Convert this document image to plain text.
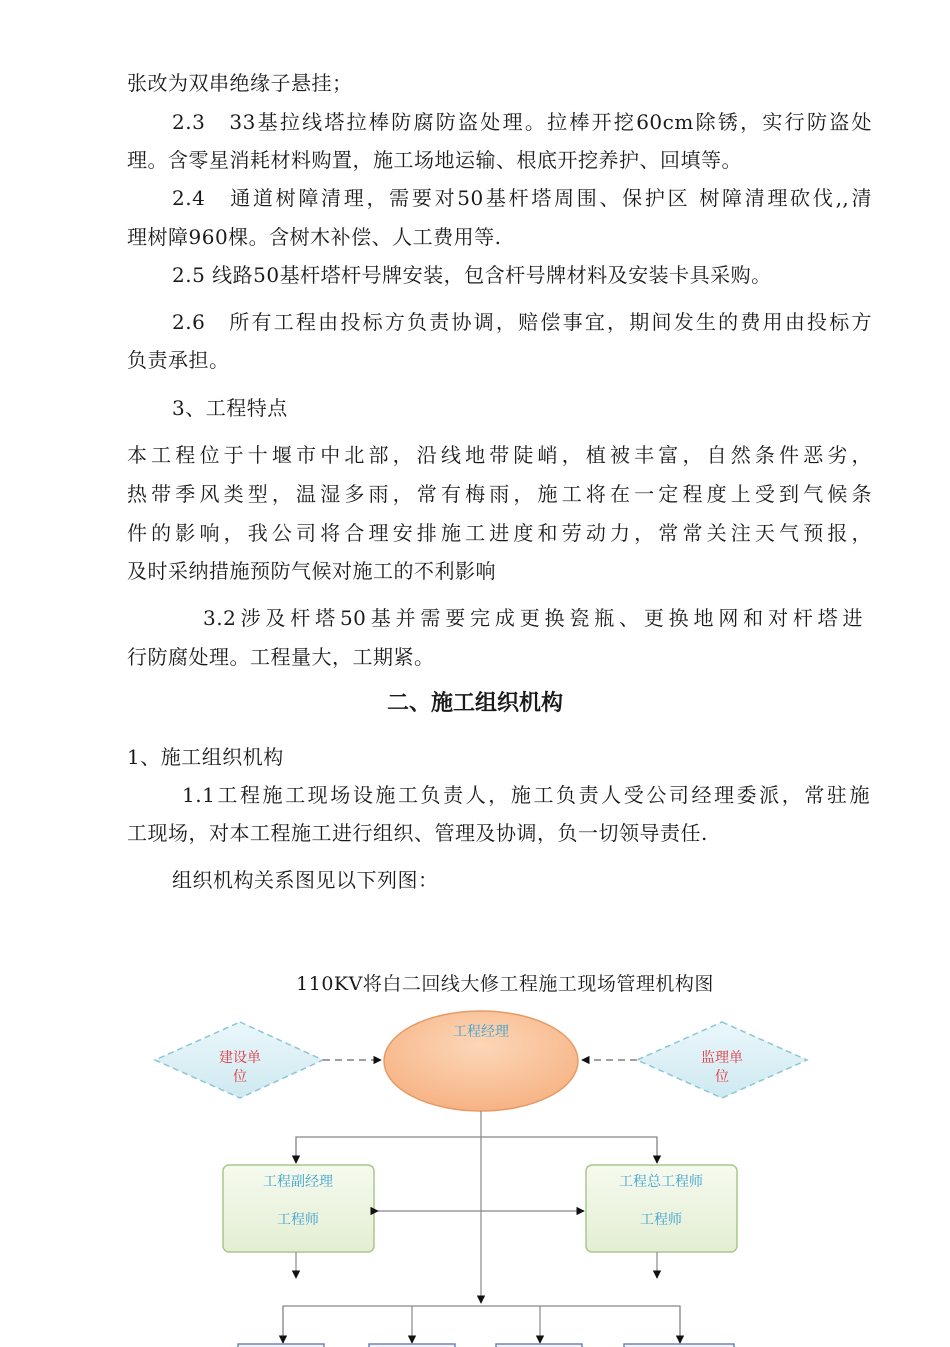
张改为双串绝缘子悬挂；
2.3　33基拉线塔拉棒防腐防盗处理。拉棒开挖60cm除锈，实行防盗处
理。含零星消耗材料购置，施工场地运输、根底开挖养护、回填等。
2.4　通道树障清理，需要对50基杆塔周围、保护区 树障清理砍伐,,清
理树障960棵。含树木补偿、人工费用等.
2.5 线路50基杆塔杆号牌安装，包含杆号牌材料及安装卡具采购。
2.6　所有工程由投标方负责协调，赔偿事宜，期间发生的费用由投标方
负责承担。
3、工程特点
本工程位于十堰市中北部，沿线地带陡峭，植被丰富，自然条件恶劣，
热带季风类型，温湿多雨，常有梅雨，施工将在一定程度上受到气候条
件的影响，我公司将合理安排施工进度和劳动力，常常关注天气预报，
及时采纳措施预防气候对施工的不利影响
3.2涉及杆塔50基并需要完成更换瓷瓶、更换地网和对杆塔进
行防腐处理。工程量大，工期紧。
二、施工组织机构
1、施工组织机构
1.1工程施工现场设施工负责人，施工负责人受公司经理委派，常驻施
工现场，对本工程施工进行组织、管理及协调，负一切领导责任.
组织机构关系图见以下列图：
110KV将白二回线大修工程施工现场管理机构图
建设单
位
监理单
位
工程经理
工程副经理
工程师
工程总工程师
工程师
